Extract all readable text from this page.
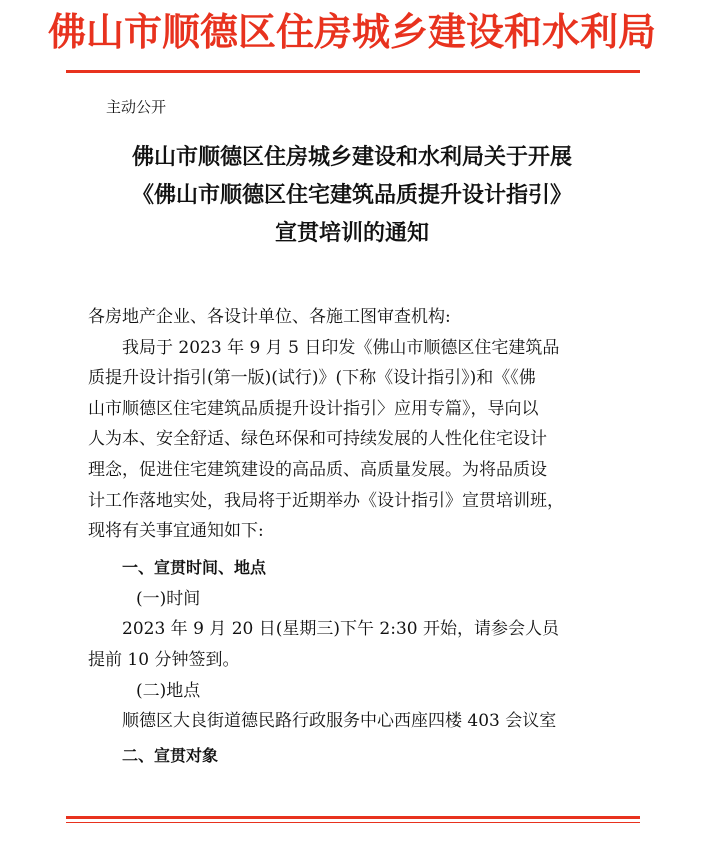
佛山市顺德区住房城乡建设和水利局
主动公开
佛山市顺德区住房城乡建设和水利局关于开展
《佛山市顺德区住宅建筑品质提升设计指引》
宣贯培训的通知
各房地产企业、各设计单位、各施工图审查机构:
我局于 2023 年 9 月 5 日印发《佛山市顺德区住宅建筑品
质提升设计指引(第一版)(试行)》(下称《设计指引》)和《《佛
山市顺德区住宅建筑品质提升设计指引〉应用专篇》，导向以
人为本、安全舒适、绿色环保和可持续发展的人性化住宅设计
理念，促进住宅建筑建设的高品质、高质量发展。为将品质设
计工作落地实处，我局将于近期举办《设计指引》宣贯培训班，
现将有关事宜通知如下:
一、宣贯时间、地点
(一)时间
2023 年 9 月 20 日(星期三)下午 2:30 开始，请参会人员
提前 10 分钟签到。
(二)地点
顺德区大良街道德民路行政服务中心西座四楼 403 会议室
二、宣贯对象
